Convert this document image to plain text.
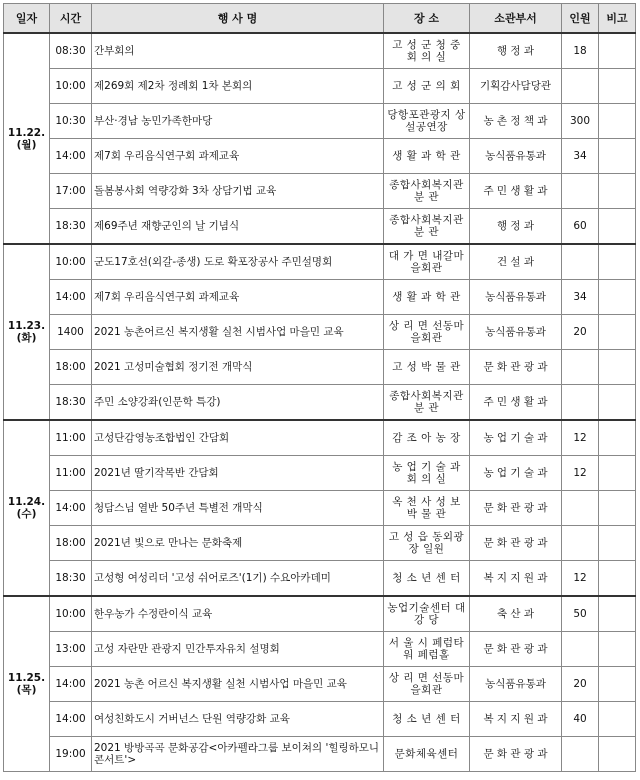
일자	시간	행 사 명	장 소	소관부서	인원	비고

11.22.
(월)	08:30	간부회의	고 성 군 청 중 회 의 실	행 정 과	18	
	10:00	제269회 제2차 정례회 1차 본회의	고 성 군 의 회	기획감사담당관		
	10:30	부산·경남 농민가족한마당	당항포관광지 상설공연장	농 촌 정 책 과	300	
	14:00	제7회 우리음식연구회 과제교육	생 활 과 학 관	농식품유통과	34	
	17:00	돌봄봉사회 역량강화 3차 상담기법 교육	종합사회복지관 분 관	주 민 생 활 과		
	18:30	제69주년 재향군인의 날 기념식	종합사회복지관 분 관	행 정 과	60	

11.23.
(화)	10:00	군도17호선(외갈-종생) 도로 확포장공사 주민설명회	대 가 면 내갈마을회관	건 설 과		
	14:00	제7회 우리음식연구회 과제교육	생 활 과 학 관	농식품유통과	34	
	1400	2021 농촌어르신 복지생활 실천 시범사업 마을민 교육	상 리 면 선동마을회관	농식품유통과	20	
	18:00	2021 고성미술협회 정기전 개막식	고 성 박 물 관	문 화 관 광 과		
	18:30	주민 소양강좌(인문학 특강)	종합사회복지관 분 관	주 민 생 활 과		

11.24.
(수)	11:00	고성단감영농조합법인 간담회	감 조 아 농 장	농 업 기 술 과	12	
	11:00	2021년 딸기작목반 간담회	농 업 기 술 과 회 의 실	농 업 기 술 과	12	
	14:00	청담스님 열반 50주년 특별전 개막식	옥 천 사 성 보 박 물 관	문 화 관 광 과		
	18:00	2021년 빛으로 만나는 문화축제	고 성 읍 동외광장 일원	문 화 관 광 과		
	18:30	고성형 여성리더 '고성 쉬어로즈'(1기) 수요아카데미	청 소 년 센 터	복 지 지 원 과	12	

11.25.
(목)	10:00	한우농가 수정란이식 교육	농업기술센터 대 강 당	축 산 과	50	
	13:00	고성 자란만 관광지 민간투자유치 설명회	서 울 시 페럼타워 페럼홀	문 화 관 광 과		
	14:00	2021 농촌 어르신 복지생활 실천 시범사업 마을민 교육	상 리 면 선동마을회관	농식품유통과	20	
	14:00	여성친화도시 거버넌스 단원 역량강화 교육	청 소 년 센 터	복 지 지 원 과	40	
	19:00	2021 방방곡곡 문화공감<아카펠라그룹 보이쳐의 '힐링하모니 콘서트'>	문화체육센터	문 화 관 광 과		
